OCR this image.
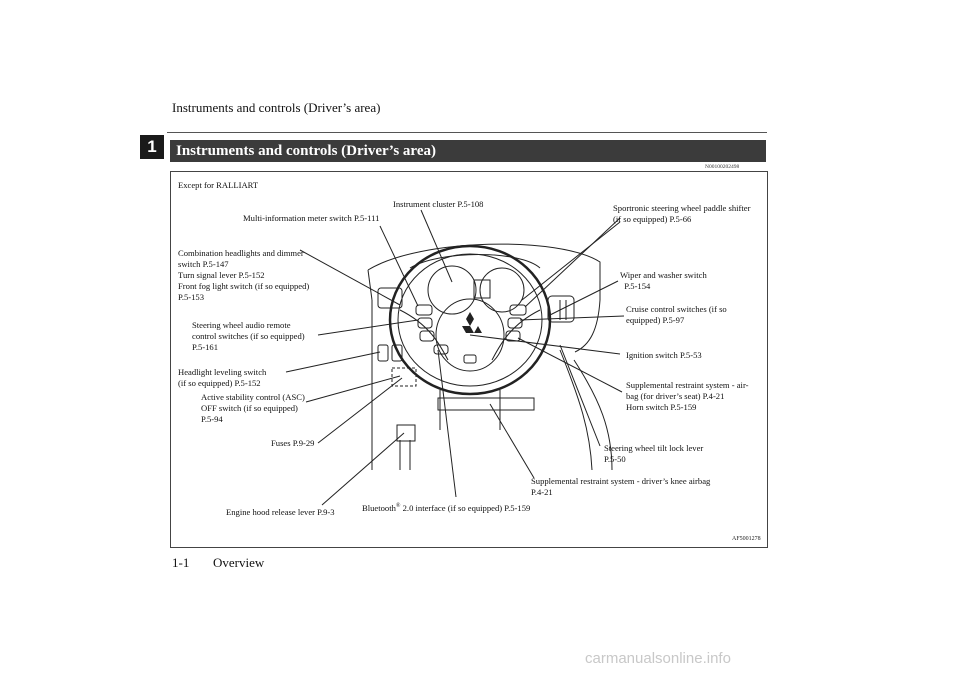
Instruments and controls (Driver’s area)
1	Instruments and controls (Driver’s area)
N00100202498
Except for RALLIART
Instrument cluster P.5-108
Multi-information meter switch P.5-111
Combination headlights and dimmer
switch P.5-147
Turn signal lever P.5-152
Front fog light switch (if so equipped)
P.5-153
Steering wheel audio remote
control switches (if so equipped)
P.5-161
Headlight leveling switch
(if so equipped) P.5-152
Active stability control (ASC)
OFF switch (if so equipped)
P.5-94
Fuses P.9-29
Engine hood release lever P.9-3	Bluetooth® 2.0 interface (if so equipped) P.5-159
Supplemental restraint system - driver’s knee airbag
P.4-21
Steering wheel tilt lock lever
P.5-50
Supplemental restraint system - air-
bag (for driver’s seat) P.4-21
Horn switch P.5-159
Ignition switch P.5-53
Cruise control switches (if so
equipped) P.5-97
Wiper and washer switch
P.5-154
Sportronic steering wheel paddle shifter
(if so equipped) P.5-66
AF5001278
1-1 Overview
carmanualsonline.info
